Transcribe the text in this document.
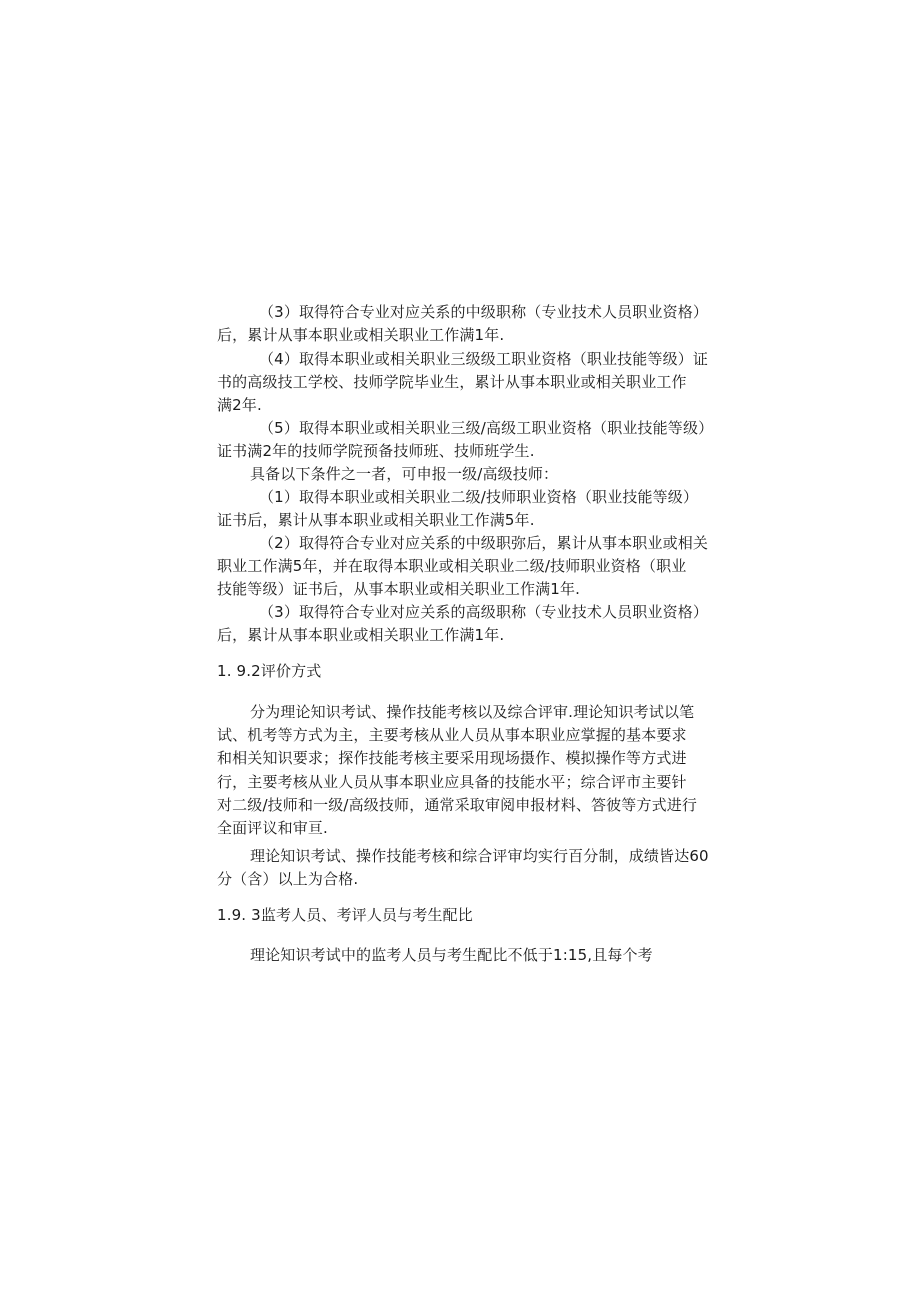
（3）取得符合专业对应关系的中级职称（专业技术人员职业资格）
后，累计从事本职业或相关职业工作满1年.
（4）取得本职业或相关职业三级级工职业资格（职业技能等级）证
书的高级技工学校、技师学院毕业生，累计从事本职业或相关职业工作
满2年.
（5）取得本职业或相关职业三级/高级工职业资格（职业技能等级）
证书满2年的技师学院预备技师班、技师班学生.
具备以下条件之一者，可申报一级/高级技师：
（1）取得本职业或相关职业二级/技师职业资格（职业技能等级）
证书后，累计从事本职业或相关职业工作满5年.
（2）取得符合专业对应关系的中级职弥后，累计从事本职业或相关
职业工作满5年，并在取得本职业或相关职业二级/技师职业资格（职业
技能等级）证书后，从事本职业或相关职业工作满1年.
（3）取得符合专业对应关系的高级职称（专业技术人员职业资格）
后，累计从事本职业或相关职业工作满1年.
1. 9.2评价方式
分为理论知识考试、操作技能考核以及综合评审.理论知识考试以笔
试、机考等方式为主，主要考核从业人员从事本职业应掌握的基本要求
和相关知识要求；探作技能考核主要采用现场摄作、模拟操作等方式进
行，主要考核从业人员从事本职业应具备的技能水平；综合评市主要针
对二级/技师和一级/高级技师，通常采取审阅申报材料、答彼等方式进行
全面评议和审亘.
理论知识考试、操作技能考核和综合评审均实行百分制，成绩皆达60
分（含）以上为合格.
1.9. 3监考人员、考评人员与考生配比
理论知识考试中的监考人员与考生配比不低于1:15,且每个考
